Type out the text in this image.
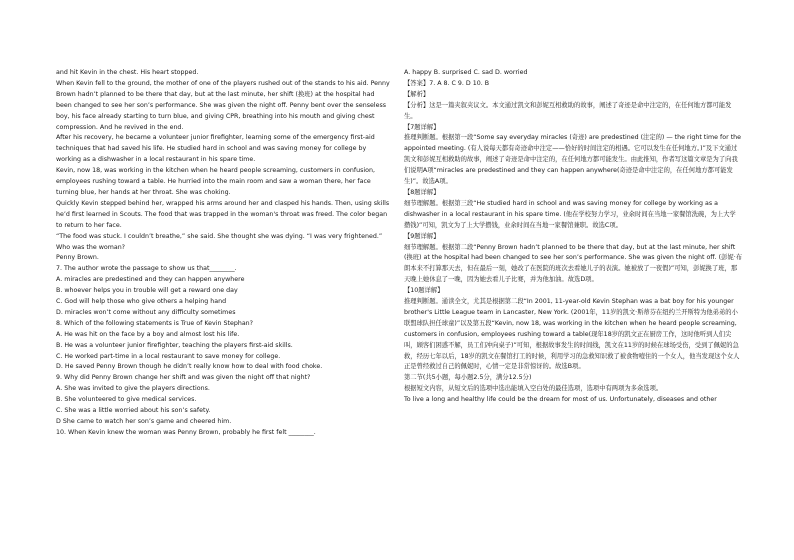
and hit Kevin in the chest. His heart stopped.

When Kevin fell to the ground, the mother of one of the players rushed out of the stands to his aid. Penny Brown hadn’t planned to be there that day, but at the last minute, her shift (换班) at the hospital had been changed to see her son’s performance. She was given the night off. Penny bent over the senseless boy, his face already starting to turn blue, and giving CPR, breathing into his mouth and giving chest compression. And he revived in the end.

After his recovery, he became a volunteer junior firefighter, learning some of the emergency first-aid techniques that had saved his life. He studied hard in school and was saving money for college by working as a dishwasher in a local restaurant in his spare time.

Kevin, now 18, was working in the kitchen when he heard people screaming, customers in confusion, employees rushing toward a table. He hurried into the main room and saw a woman there, her face turning blue, her hands at her throat. She was choking.

Quickly Kevin stepped behind her, wrapped his arms around her and clasped his hands. Then, using skills he’d first learned in Scouts. The food that was trapped in the woman's throat was freed. The color began to return to her face.

“The food was stuck. I couldn’t breathe,” she said. She thought she was dying. “I was very frightened.”

Who was the woman?

Penny Brown.

7. The author wrote the passage to show us that________.

A. miracles are predestined and they can happen anywhere

B. whoever helps you in trouble will get a reward one day

C. God will help those who give others a helping hand

D. miracles won’t come without any difficulty sometimes

8. Which of the following statements is True of Kevin Stephan?

A. He was hit on the face by a boy and almost lost his life.

B. He was a volunteer junior firefighter, teaching the players first-aid skills.

C. He worked part-time in a local restaurant to save money for college.

D. He saved Penny Brown though he didn’t really know how to deal with food choke.

9. Why did Penny Brown change her shift and was given the night off that night?

A. She was invited to give the players directions.

B. She volunteered to give medical services.

C. She was a little worried about his son’s safety.

D She came to watch her son’s game and cheered him.

10. When Kevin knew the woman was Penny Brown, probably he first felt ________.

A. happy B. surprised C. sad D. worried

【答案】7. A 8. C 9. D 10. B

【解析】

【分析】这是一篇夹叙夹议文。本文通过凯文和彭妮互相救助的故事，阐述了奇迹是命中注定的，在任何地方都可能发生。

【7题详解】

推理判断题。根据第一段“Some say everyday miracles (奇迹) are predestined (注定的) — the right time for the appointed meeting. (有人说每天都有奇迹命中注定——恰好的时间注定的相遇。它可以发生在任何地方。)”及下文通过凯文和彭妮互相救助的故事，阐述了奇迹是命中注定的，在任何地方都可能发生。由此推知，作者写这篇文章是为了向我们说明A项“miracles are predestined and they can happen anywhere(奇迹是命中注定的，在任何地方都可能发生)”。故选A项。

【8题详解】

细节理解题。根据第三段“He studied hard in school and was saving money for college by working as a dishwasher in a local restaurant in his spare time. (他在学校努力学习，业余时间在当地一家餐馆洗碗，为上大学攒钱)”可知，凯文为了上大学攒钱，业余时间在当地一家餐馆兼职。故选C项。

【9题详解】

细节理解题。根据第二段“Penny Brown hadn’t planned to be there that day, but at the last minute, her shift (换班) at the hospital had been changed to see her son’s performance. She was given the night off. (彭妮·布朗本来不打算那天去，但在最后一刻，她改了在医院的班次去看她儿子的表演。她被放了一夜假)”可知，彭妮换了班，那天晚上她休息了一晚，因为她去看儿子比赛，并为他加油。故选D项。

【10题详解】

推理判断题。通读全文，尤其是根据第二段“In 2001, 11-year-old Kevin Stephan was a bat boy for his younger brother's Little League team in Lancaster, New York. (2001年，11岁的凯文·斯蒂芬在纽约兰开斯特为他弟弟的小联盟球队担任球童)”以及第五段“Kevin, now 18, was working in the kitchen when he heard people screaming, customers in confusion, employees rushing toward a table(现年18岁的凯文正在厨房工作，这时他听到人们尖叫，顾客们困惑不解，员工们冲向桌子)”可知，根据故事发生的时间线，凯文在11岁的时候在球场受伤，受到了佩妮的急救，经历七年以后，18岁的凯文在餐馆打工的时候，利用学习的急救知识救了被食物噎住的一个女人，他当发现这个女人正是曾经救过自己的佩妮时，心情一定是非常惊讶的。故选B项。

第二节(共5小题，每小题2.5分，满分12.5分)

根据短文内容，从短文后的选项中选出能填入空白处的最佳选项，选项中有两项为多余选项。

To live a long and healthy life could be the dream for most of us. Unfortunately, diseases and other
